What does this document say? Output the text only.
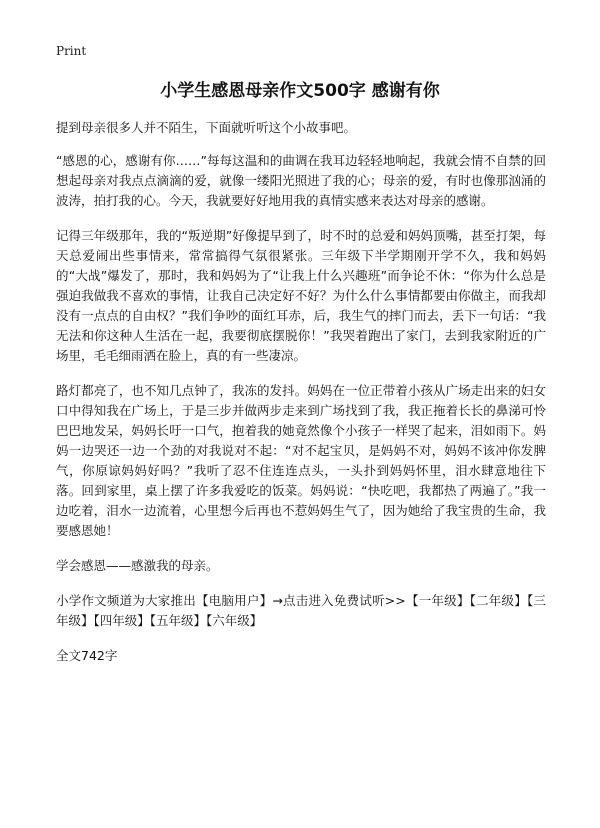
Print
小学生感恩母亲作文500字 感谢有你

提到母亲很多人并不陌生，下面就听听这个小故事吧。

“感恩的心，感谢有你……”每每这温和的曲调在我耳边轻轻地响起，我就会情不自禁的回想起母亲对我点点滴滴的爱，就像一缕阳光照进了我的心；母亲的爱，有时也像那汹涌的波涛，拍打我的心。今天，我就要好好地用我的真情实感来表达对母亲的感谢。

记得三年级那年，我的“叛逆期”好像提早到了，时不时的总爱和妈妈顶嘴，甚至打架，每天总爱闹出些事情来，常常搞得气氛很紧张。三年级下半学期刚开学不久，我和妈妈的“大战”爆发了，那时，我和妈妈为了“让我上什么兴趣班”而争论不休：“你为什么总是强迫我做我不喜欢的事情，让我自己决定好不好？为什么什么事情都要由你做主，而我却没有一点点的自由权？”我们争吵的面红耳赤，后，我生气的摔门而去，丢下一句话：“我无法和你这种人生活在一起，我要彻底摆脱你！”我哭着跑出了家门，去到我家附近的广场里，毛毛细雨洒在脸上，真的有一些凄凉。

路灯都亮了，也不知几点钟了，我冻的发抖。妈妈在一位正带着小孩从广场走出来的妇女口中得知我在广场上，于是三步并做两步走来到广场找到了我，我正拖着长长的鼻涕可怜巴巴地发呆，妈妈长吁一口气，抱着我的她竟然像个小孩子一样哭了起来，泪如雨下。妈妈一边哭还一边一个劲的对我说对不起：“对不起宝贝，是妈妈不对，妈妈不该冲你发脾气，你原谅妈妈好吗？”我听了忍不住连连点头，一头扑到妈妈怀里，泪水肆意地往下落。回到家里，桌上摆了许多我爱吃的饭菜。妈妈说：“快吃吧，我都热了两遍了。”我一边吃着，泪水一边流着，心里想今后再也不惹妈妈生气了，因为她给了我宝贵的生命，我要感恩她！

学会感恩——感激我的母亲。

小学作文频道为大家推出【电脑用户】→点击进入免费试听>>【一年级】【二年级】【三年级】【四年级】【五年级】【六年级】

全文742字
